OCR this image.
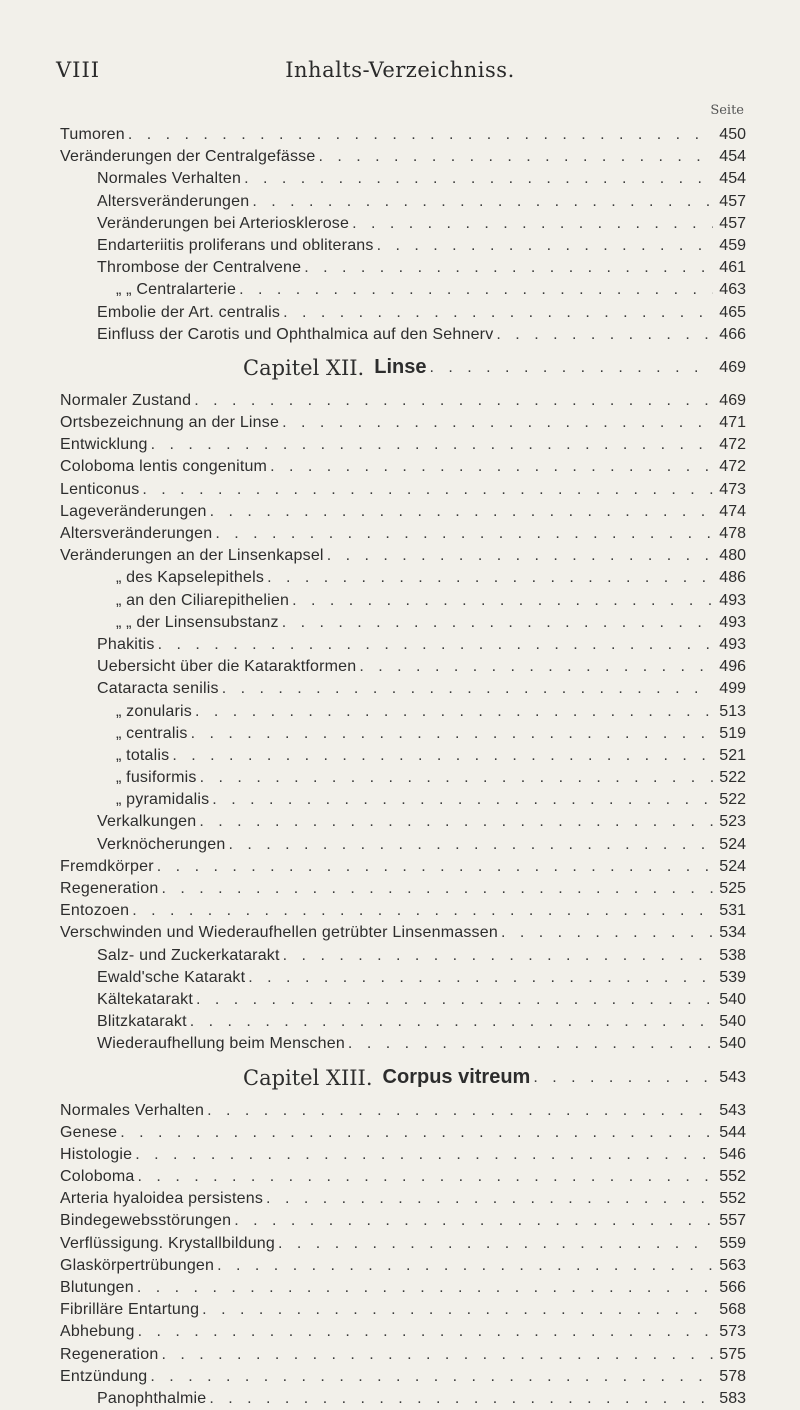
VIII	Inhalts-Verzeichniss.
Seite
Tumoren . . .	450
Veränderungen der Centralgefässe . . .	454
Normales Verhalten . . .	454
Altersveränderungen . . .	457
Veränderungen bei Arteriosklerose . . .	457
Endarteriitis proliferans und obliterans . . .	459
Thrombose der Centralvene . . .	461
„ „ Centralarterie . . .	463
Embolie der Art. centralis . . .	465
Einfluss der Carotis und Ophthalmica auf den Sehnerv . . .	466
Capitel XII. Linse . . .	469
Normaler Zustand . . .	469
Ortsbezeichnung an der Linse . . .	471
Entwicklung . . .	472
Coloboma lentis congenitum . . .	472
Lenticonus . . .	473
Lageveränderungen . . .	474
Altersveränderungen . . .	478
Veränderungen an der Linsenkapsel . . .	480
„ des Kapselepithels . . .	486
„ an den Ciliarepithelien . . .	493
„ „ der Linsensubstanz . . .	493
Phakitis . . .	493
Uebersicht über die Kataraktformen . . .	496
Cataracta senilis . . .	499
„ zonularis . . .	513
„ centralis . . .	519
„ totalis . . .	521
„ fusiformis . . .	522
„ pyramidalis . . .	522
Verkalkungen . . .	523
Verknöcherungen . . .	524
Fremdkörper . . .	524
Regeneration . . .	525
Entozoen . . .	531
Verschwinden und Wiederaufhellen getrübter Linsenmassen . . .	534
Salz- und Zuckerkatarakt . . .	538
Ewald'sche Katarakt . . .	539
Kältekatarakt . . .	540
Blitzkatarakt . . .	540
Wiederaufhellung beim Menschen . . .	540
Capitel XIII. Corpus vitreum . . .	543
Normales Verhalten . . .	543
Genese . . .	544
Histologie . . .	546
Coloboma . . .	552
Arteria hyaloidea persistens . . .	552
Bindegewebsstörungen . . .	557
Verflüssigung. Krystallbildung . . .	559
Glaskörpertrübungen . . .	563
Blutungen . . .	566
Fibrilläre Entartung . . .	568
Abhebung . . .	573
Regeneration . . .	575
Entzündung . . .	578
Panophthalmie . . .	583
